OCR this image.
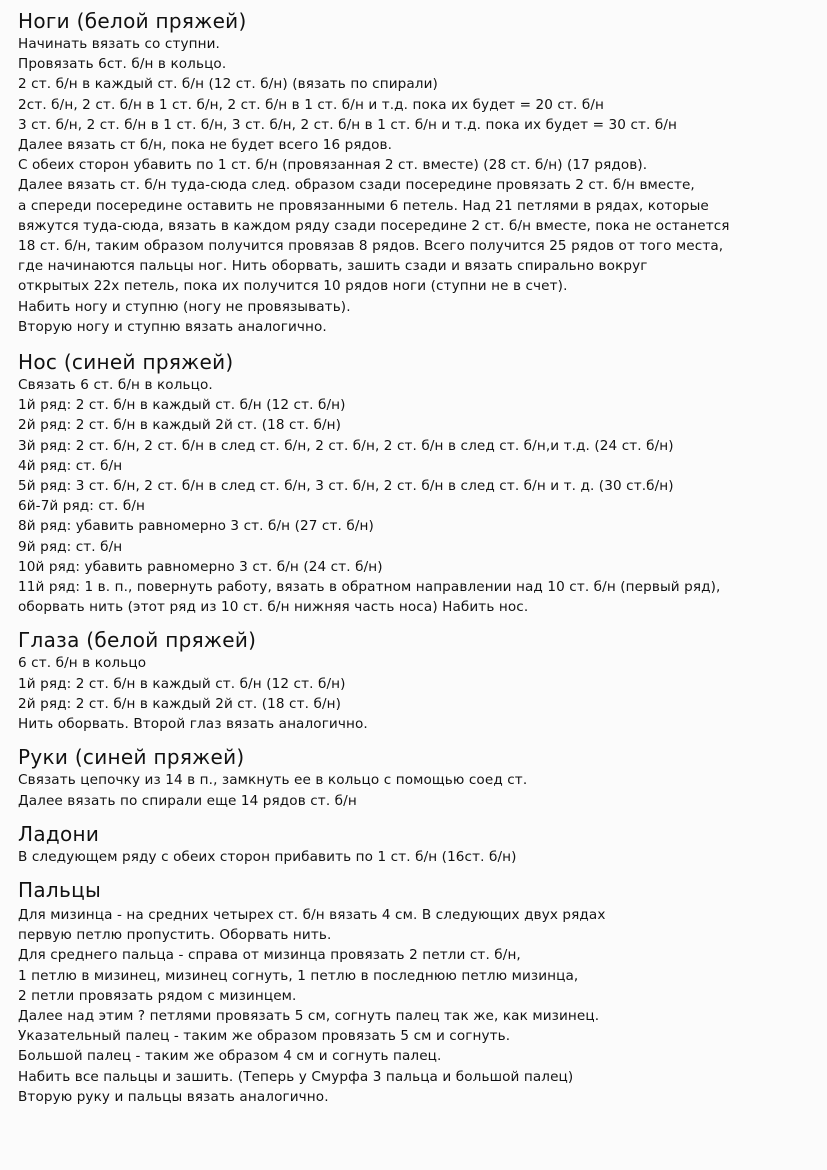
Ноги (белой пряжей)
Начинать вязать со ступни.
Провязать 6ст. б/н в кольцо.
2 ст. б/н в каждый ст. б/н (12 ст. б/н) (вязать по спирали)
2ст. б/н, 2 ст. б/н в 1 ст. б/н, 2 ст. б/н в 1 ст. б/н и т.д. пока их будет = 20 ст. б/н
3 ст. б/н, 2 ст. б/н в 1 ст. б/н, 3 ст. б/н, 2 ст. б/н в 1 ст. б/н и т.д. пока их будет = 30 ст. б/н
Далее вязать ст б/н, пока не будет всего 16 рядов.
С обеих сторон убавить по 1 ст. б/н (провязанная 2 ст. вместе) (28 ст. б/н) (17 рядов).
Далее вязать ст. б/н туда-сюда след. образом сзади посередине провязать 2 ст. б/н вместе,
а спереди посередине оставить не провязанными 6 петель. Над 21 петлями в рядах, которые
вяжутся туда-сюда, вязать в каждом ряду сзади посередине 2 ст. б/н вместе, пока не останется
18 ст. б/н, таким образом получится провязав 8 рядов. Всего получится 25 рядов от того места,
где начинаются пальцы ног. Нить оборвать, зашить сзади и вязать спирально вокруг
открытых 22х петель, пока их получится 10 рядов ноги (ступни не в счет).
Набить ногу и ступню (ногу не провязывать).
Вторую ногу и ступню вязать аналогично.
Нос (синей пряжей)
Связать 6 ст. б/н в кольцо.
1й ряд: 2 ст. б/н в каждый ст. б/н (12 ст. б/н)
2й ряд: 2 ст. б/н в каждый 2й ст. (18 ст. б/н)
3й ряд: 2 ст. б/н, 2 ст. б/н в след ст. б/н, 2 ст. б/н, 2 ст. б/н в след ст. б/н,и т.д. (24 ст. б/н)
4й ряд: ст. б/н
5й ряд: 3 ст. б/н, 2 ст. б/н в след ст. б/н, 3 ст. б/н, 2 ст. б/н в след ст. б/н и т. д. (30 ст.б/н)
6й-7й ряд: ст. б/н
8й ряд: убавить равномерно 3 ст. б/н (27 ст. б/н)
9й ряд: ст. б/н
10й ряд: убавить равномерно 3 ст. б/н (24 ст. б/н)
11й ряд: 1 в. п., повернуть работу, вязать в обратном направлении над 10 ст. б/н (первый ряд),
оборвать нить (этот ряд из 10 ст. б/н нижняя часть носа) Набить нос.
Глаза (белой пряжей)
6 ст. б/н в кольцо
1й ряд: 2 ст. б/н в каждый ст. б/н (12 ст. б/н)
2й ряд: 2 ст. б/н в каждый 2й ст. (18 ст. б/н)
Нить оборвать. Второй глаз вязать аналогично.
Руки (синей пряжей)
Связать цепочку из 14 в п., замкнуть ее в кольцо с помощью соед ст.
Далее вязать по спирали еще 14 рядов ст. б/н
Ладони
В следующем ряду с обеих сторон прибавить по 1 ст. б/н (16ст. б/н)
Пальцы
Для мизинца - на средних четырех ст. б/н вязать 4 см. В следующих двух рядах
первую петлю пропустить. Оборвать нить.
Для среднего пальца - справа от мизинца провязать 2 петли ст. б/н,
1 петлю в мизинец, мизинец согнуть, 1 петлю в последнюю петлю мизинца,
2 петли провязать рядом с мизинцем.
Далее над этим ? петлями провязать 5 см, согнуть палец так же, как мизинец.
Указательный палец - таким же образом провязать 5 см и согнуть.
Большой палец - таким же образом 4 см и согнуть палец.
Набить все пальцы и зашить. (Теперь у Смурфа 3 пальца и большой палец)
Вторую руку и пальцы вязать аналогично.
